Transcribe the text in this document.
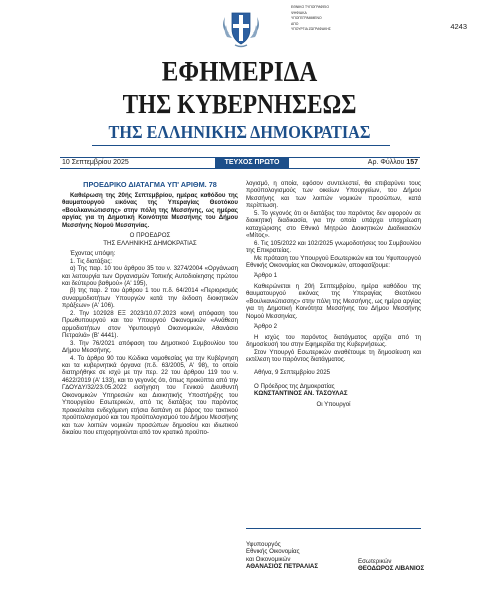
ΕΘΝΙΚΟ ΤΥΠΟΓΡΑΦΕΙΟ
ΨΗΦΙΑΚΑ
ΥΠΟΓΕΓΡΑΜΜΕΝΟ
ΑΠΟ
ΥΠΟΥΡΓΙΑ ΖΩΓΡΑΦΑΚΗΣ	4243
ΕΦΗΜΕΡΙΔΑ
ΤΗΣ ΚΥΒΕΡΝΗΣΕΩΣ
ΤΗΣ ΕΛΛΗΝΙΚΗΣ ΔΗΜΟΚΡΑΤΙΑΣ
10 Σεπτεμβρίου 2025	ΤΕΥΧΟΣ ΠΡΩΤΟ	Αρ. Φύλλου 157

ΠΡΟΕΔΡΙΚΟ ΔΙΑΤΑΓΜΑ ΥΠ' ΑΡΙΘΜ. 78

Καθιέρωση της 20ής Σεπτεμβρίου, ημέρας καθόδου της θαυματουργού εικόνας της Υπεραγίας Θεοτόκου «Βουλκανιώτισσης» στην πόλη της Μεσσήνης, ως ημέρας αργίας για τη Δημοτική Κοινότητα Μεσσήνης του Δήμου Μεσσήνης Νομού Μεσσηνίας.

Ο ΠΡΟΕΔΡΟΣ

ΤΗΣ ΕΛΛΗΝΙΚΗΣ ΔΗΜΟΚΡΑΤΙΑΣ

Έχοντας υπόψη:

1. Τις διατάξεις:

α) Της παρ. 10 του άρθρου 35 του ν. 3274/2004 «Οργάνωση και λειτουργία των Οργανισμών Τοπικής Αυτοδιοίκησης πρώτου και δεύτερου βαθμού» (Α' 195),

β) της παρ. 2 του άρθρου 1 του π.δ. 64/2014 «Περιορισμός συναρμοδιοτήτων Υπουργών κατά την έκδοση διοικητικών πράξεων» (Α' 106).

2. Την 102928 ΕΞ 2023/10.07.2023 κοινή απόφαση του Πρωθυπουργού και του Υπουργού Οικονομικών «Ανάθεση αρμοδιοτήτων στον Υφυπουργό Οικονομικών, Αθανάσιο Πετραλιά» (Β' 4441).

3. Την 76/2021 απόφαση του Δημοτικού Συμβουλίου του Δήμου Μεσσήνης.

4. Το άρθρο 90 του Κώδικα νομοθεσίας για την Κυβέρνηση και τα κυβερνητικά όργανα (π.δ. 63/2005, Α' 98), το οποίο διατηρήθηκε σε ισχύ με την περ. 22 του άρθρου 119 του ν. 4622/2019 (Α' 133), και το γεγονός ότι, όπως προκύπτει από την Γ∆ΟΥ∆Υ/32/23.05.2022 εισήγηση του Γενικού Διευθυντή Οικονομικών Υπηρεσιών και Διοικητικής Υποστήριξης του Υπουργείου Εσωτερικών, από τις διατάξεις του παρόντος προκαλείται ενδεχόμενη ετήσια δαπάνη σε βάρος του τακτικού προϋπολογισμού και του προϋπολογισμού του Δήμου Μεσσήνης και των λοιπών νομικών προσώπων δημοσίου και ιδιωτικού δικαίου που επιχορηγούνται από τον κρατικό προϋπο-

λογισμό, η οποία, εφόσον συντελεστεί, θα επιβαρύνει τους προϋπολογισμούς των οικείων Υπουργείων, του Δήμου Μεσσήνης και των λοιπών νομικών προσώπων, κατά περίπτωση.

5. Το γεγονός ότι οι διατάξεις του παρόντος δεν αφορούν σε διοικητική διαδικασία, για την οποία υπάρχει υποχρέωση καταχώρισης στο Εθνικό Μητρώο Διοικητικών Διαδικασιών «Μίτος».

6. Τις 105/2022 και 102/2025 γνωμοδοτήσεις του Συμβουλίου της Επικρατείας.

Με πρόταση του Υπουργού Εσωτερικών και του Υφυπουργού Εθνικής Οικονομίας και Οικονομικών, αποφασίζουμε:

Άρθρο 1

Καθιερώνεται η 20ή Σεπτεμβρίου, ημέρα καθόδου της θαυματουργού εικόνας της Υπεραγίας Θεοτόκου «Βουλκανιώτισσης» στην πόλη της Μεσσήνης, ως ημέρα αργίας για τη Δημοτική Κοινότητα Μεσσήνης του Δήμου Μεσσήνης Νομού Μεσσηνίας.

Άρθρο 2

Η ισχύς του παρόντος διατάγματος αρχίζει από τη δημοσίευσή του στην Εφημερίδα της Κυβερνήσεως.

Στον Υπουργό Εσωτερικών αναθέτουμε τη δημοσίευση και εκτέλεση του παρόντος διατάγματος.

Αθήνα, 9 Σεπτεμβρίου 2025

Ο Πρόεδρος της Δημοκρατίας

ΚΩΝΣΤΑΝΤΙΝΟΣ ΑΝ. ΤΑΣΟΥΛΑΣ

Οι Υπουργοί

Υφυπουργός
Εθνικής Οικονομίας
και Οικονομικών
ΑΘΑΝΑΣΙΟΣ ΠΕΤΡΑΛΙΑΣ
Εσωτερικών
ΘΕΟΔΩΡΟΣ ΛΙΒΑΝΙΟΣ
